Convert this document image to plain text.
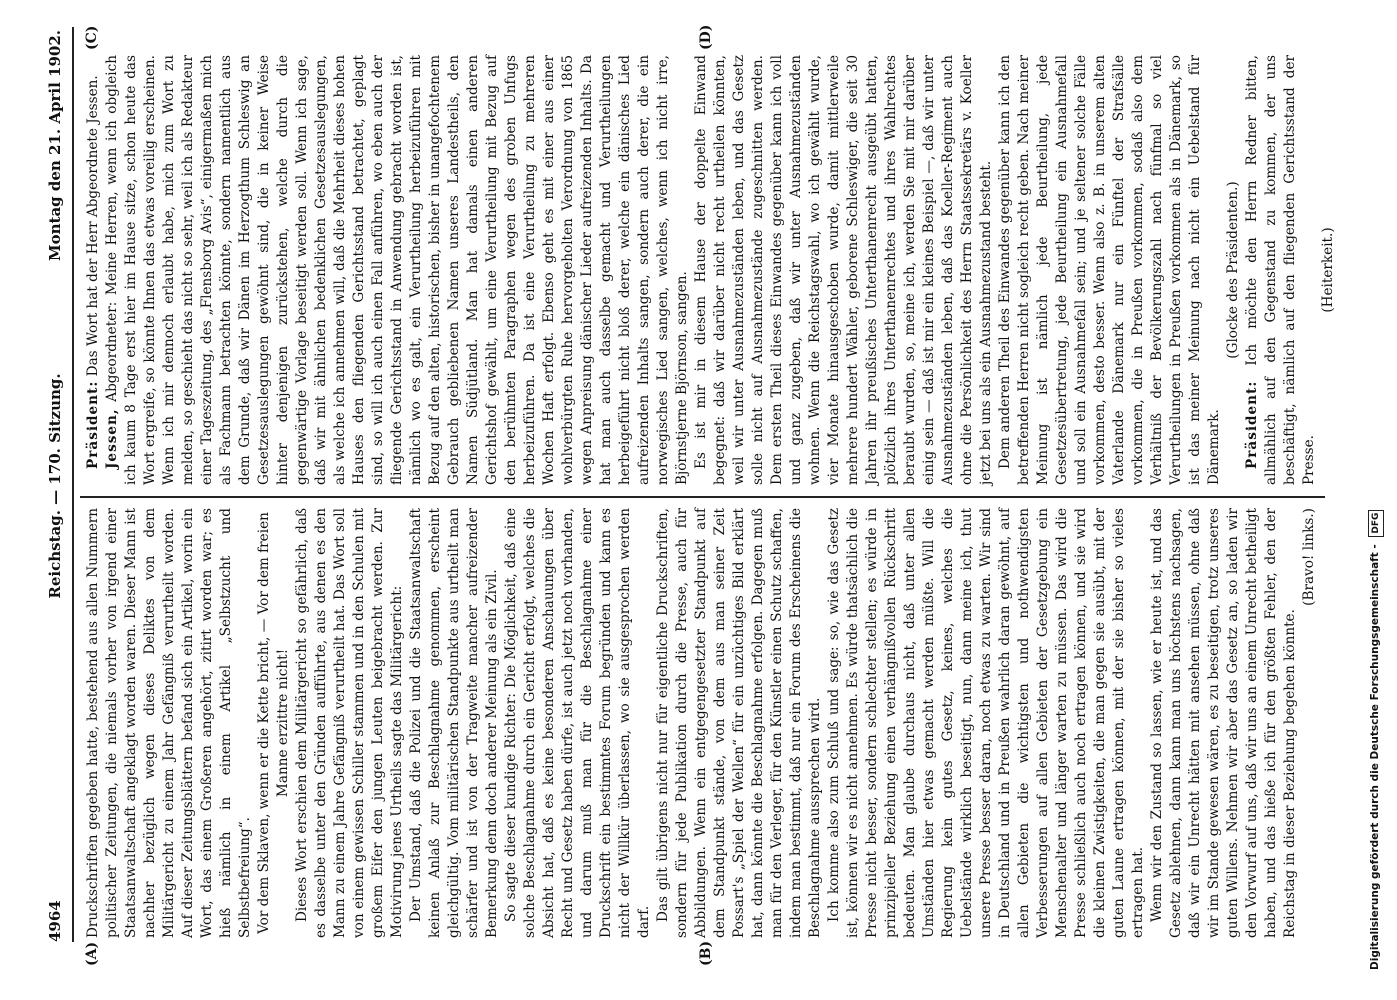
4964
Reichstag. — 170. Sitzung.
Montag den 21. April 1902.
(A)	(B)
(C)	(D)

Druckschriften gegeben hatte, bestehend aus allen Nummern politischer Zeitungen, die niemals vorher von irgend einer Staatsanwaltschaft angeklagt worden waren. Dieser Mann ist nachher bezüglich wegen dieses Deliktes von dem Militärgericht zu einem Jahr Gefängniß verurtheilt worden. Auf dieser Zeitungsblättern befand sich ein Artikel, worin ein Wort, das einem Großeren angehört, zitirt worden war; es hieß nämlich in einem Artikel „Selbstzucht und Selbstbefreiung“. Vor dem Sklaven, wenn er die Kette bricht, — Vor dem freien Manne erzittre nicht! Dieses Wort erschien dem Militärgericht so gefährlich, daß es dasselbe unter den Gründen aufführte, aus denen es den Mann zu einem Jahre Gefängniß verurtheilt hat. Das Wort soll von einem gewissen Schiller stammen und in den Schulen mit großem Eifer den jungen Leuten beigebracht werden. Zur Motivirung jenes Urtheils sagte das Militärgericht: Der Umstand, daß die Polizei und die Staatsanwaltschaft keinen Anlaß zur Beschlagnahme genommen, erscheint gleichgültig. Vom militärischen Standpunkte aus urtheilt man schärfer und ist von der Tragweite mancher aufreizender Bemerkung denn doch anderer Meinung als ein Zivil. So sagte dieser kundige Richter: Die Möglichkeit, daß eine solche Beschlagnahme durch ein Gericht erfolgt, welches die Absicht hat, daß es keine besonderen Anschauungen über Recht und Gesetz haben dürfe, ist auch jetzt noch vorhanden, und darum muß man für die Beschlagnahme einer Druckschrift ein bestimmtes Forum begründen und kann es nicht der Willkür überlassen, wo sie ausgesprochen werden darf. Das gilt übrigens nicht nur für eigentliche Druckschriften, sondern für jede Publikation durch die Presse, auch für Abbildungen. Wenn ein entgegengesetzter Standpunkt auf dem Standpunkt stände, von dem aus man seiner Zeit Possart's „Spiel der Wellen“ für ein unzüchtiges Bild erklärt hat, dann könnte die Beschlagnahme erfolgen. Dagegen muß man für den Verleger, für den Künstler einen Schutz schaffen, indem man bestimmt, daß nur ein Forum des Erscheinens die Beschlagnahme aussprechen wird. Ich komme also zum Schluß und sage: so, wie das Gesetz ist, können wir es nicht annehmen. Es würde thatsächlich die Presse nicht besser, sondern schlechter stellen; es würde in prinzipieller Beziehung einen verhängnißvollen Rückschritt bedeuten. Man glaube durchaus nicht, daß unter allen Umständen hier etwas gemacht werden müßte. Will die Regierung kein gutes Gesetz, keines, welches die Uebelstände wirklich beseitigt, nun, dann meine ich, thut unsere Presse besser daran, noch etwas zu warten. Wir sind in Deutschland und in Preußen wahrlich daran gewöhnt, auf allen Gebieten die wichtigsten und nothwendigsten Verbesserungen auf allen Gebieten der Gesetzgebung ein Menschenalter und länger warten zu müssen. Das wird die Presse schließlich auch noch ertragen können, und sie wird die kleinen Zwistigkeiten, die man gegen sie ausübt, mit der guten Laune ertragen können, mit der sie bisher so vieles ertragen hat. Wenn wir den Zustand so lassen, wie er heute ist, und das Gesetz ablehnen, dann kann man uns höchstens nachsagen, daß wir ein Unrecht hätten mit ansehen müssen, ohne daß wir im Stande gewesen wären, es zu beseitigen, trotz unseres guten Willens. Nehmen wir aber das Gesetz an, so laden wir den Vorwurf auf uns, daß wir uns an einem Unrecht betheiligt haben, und das hieße ich für den größten Fehler, den der Reichstag in dieser Beziehung begehen könnte.

(Bravo! links.)

Präsident: Das Wort hat der Herr Abgeordnete Jessen.

Jessen, Abgeordneter: Meine Herren, wenn ich obgleich ich kaum 8 Tage erst hier im Hause sitze, schon heute das Wort ergreife, so könnte Ihnen das etwas voreilig erscheinen. Wenn ich mir dennoch erlaubt habe, mich zum Wort zu melden, so geschieht das nicht so sehr, weil ich als Redakteur einer Tageszeitung, des „Flensborg Avis“, einigermaßen mich als Fachmann betrachten könnte, sondern namentlich aus dem Grunde, daß wir Dänen im Herzogthum Schleswig an Gesetzesauslegungen gewöhnt sind, die in keiner Weise hinter denjenigen zurückstehen, welche durch die gegenwärtige Vorlage beseitigt werden soll. Wenn ich sage, daß wir mit ähnlichen bedenklichen Gesetzesauslegungen, als welche ich annehmen will, daß die Mehrheit dieses hohen Hauses den fliegenden Gerichtsstand betrachtet, geplagt sind, so will ich auch einen Fall anführen, wo eben auch der fliegende Gerichtsstand in Anwendung gebracht worden ist, nämlich wo es galt, ein Verurtheilung herbeizuführen mit Bezug auf den alten, historischen, bisher in unangefochtenem Gebrauch gebliebenen Namen unseres Landestheils, den Namen Südjütland. Man hat damals einen anderen Gerichtshof gewählt, um eine Verurtheilung mit Bezug auf den berühmten Paragraphen wegen des groben Unfugs herbeizuführen. Da ist eine Verurtheilung zu mehreren Wochen Haft erfolgt. Ebenso geht es mit einer aus einer wohlverbürgten Ruhe hervorgeholten Verordnung von 1865 wegen Anpreisung dänischer Lieder aufreizenden Inhalts. Da hat man auch dasselbe gemacht und Verurtheilungen herbeigeführt nicht bloß derer, welche ein dänisches Lied aufreizenden Inhalts sangen, sondern auch derer, die ein norwegisches Lied sangen, welches, wenn ich nicht irre, Björnstjerne Björnson, sangen. Es ist mir in diesem Hause der doppelte Einwand begegnet: daß wir darüber nicht recht urtheilen könnten, weil wir unter Ausnahmezuständen leben, und das Gesetz solle nicht auf Ausnahmezustände zugeschnitten werden. Dem ersten Theil dieses Einwandes gegenüber kann ich voll und ganz zugeben, daß wir unter Ausnahmezuständen wohnen. Wenn die Reichstagswahl, wo ich gewählt wurde, vier Monate hinausgeschoben wurde, damit mittlerweile mehrere hundert Wähler, geborene Schleswiger, die seit 30 Jahren ihr preußisches Unterthanenrecht ausgeübt hatten, plötzlich ihres Unterthanenrechtes und ihres Wahlrechtes beraubt wurden, so, meine ich, werden Sie mit mir darüber einig sein — daß ist mir ein kleines Beispiel —, daß wir unter Ausnahmezuständen leben, daß das Koeller-Regiment auch ohne die Persönlichkeit des Herrn Staatssekretärs v. Koeller jetzt bei uns als ein Ausnahmezustand besteht. Dem anderen Theil des Einwandes gegenüber kann ich den betreffenden Herren nicht sogleich recht geben. Nach meiner Meinung ist nämlich jede Beurtheilung, jede Gesetzesübertretung, jede Beurtheilung ein Ausnahmefall und soll ein Ausnahmefall sein; und je seltener solche Fälle vorkommen, desto besser. Wenn also z. B. in unserem alten Vaterlande Dänemark nur ein Fünftel der Strafsälle vorkommen, die in Preußen vorkommen, sodaß also dem Verhältniß der Bevölkerungszahl nach fünfmal so viel Verurtheilungen in Preußen vorkommen als in Dänemark, so ist das meiner Meinung nach nicht ein Uebelstand für Dänemark.

(Glocke des Präsidenten.)

Präsident: Ich möchte den Herrn Redner bitten, allmählich auf den Gegenstand zu kommen, der uns beschäftigt, nämlich auf den fliegenden Gerichtsstand der Presse.

(Heiterkeit.)

Digitalisierung gefördert durch die Deutsche Forschungsgemeinschaft - DFG
